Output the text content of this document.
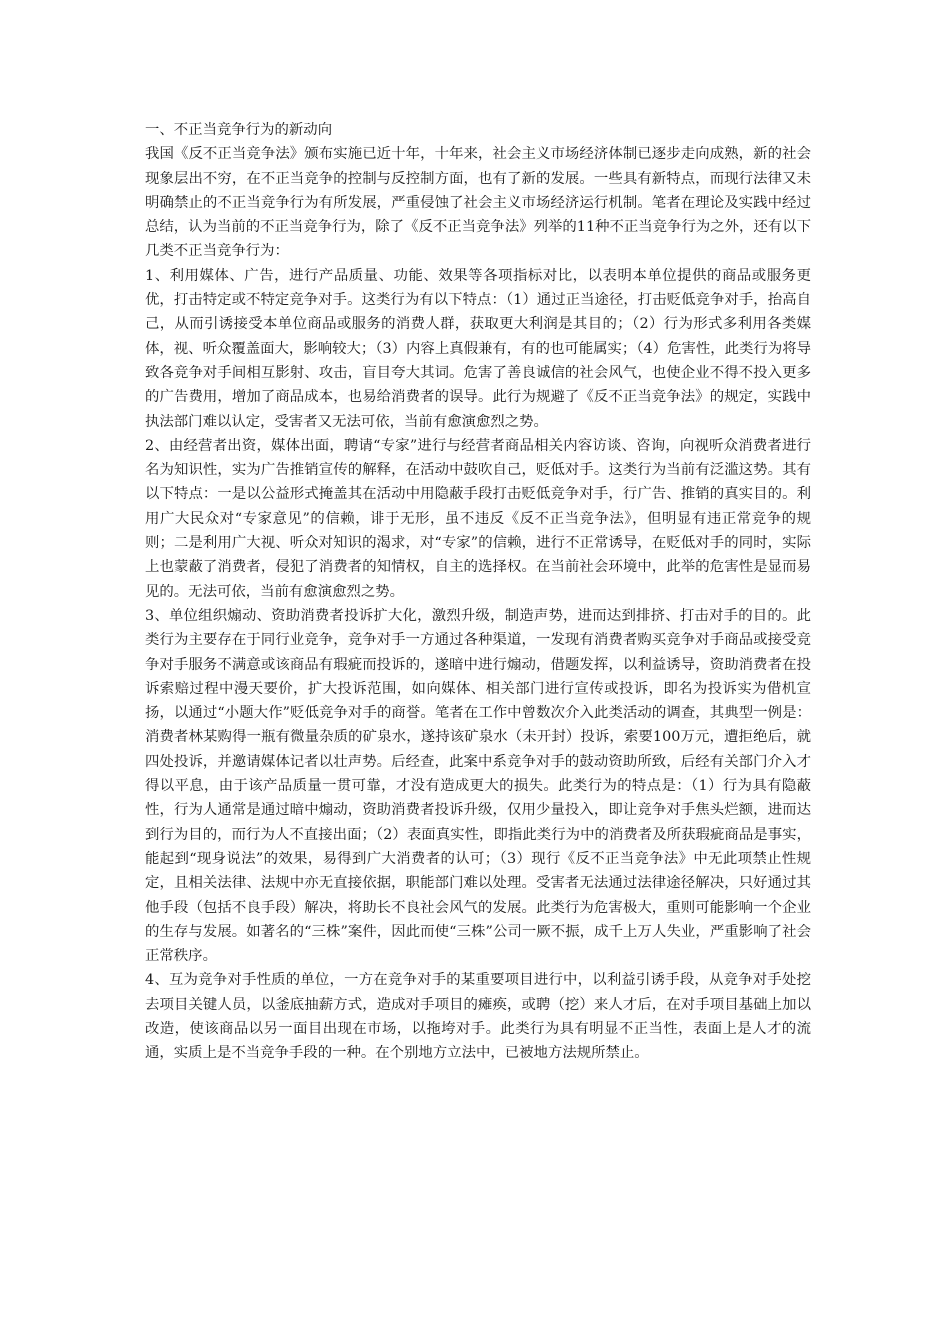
一、不正当竞争行为的新动向

我国《反不正当竞争法》颁布实施已近十年，十年来，社会主义市场经济体制已逐步走向成熟，新的社会现象层出不穷，在不正当竞争的控制与反控制方面，也有了新的发展。一些具有新特点，而现行法律又未明确禁止的不正当竞争行为有所发展，严重侵蚀了社会主义市场经济运行机制。笔者在理论及实践中经过总结，认为当前的不正当竞争行为，除了《反不正当竞争法》列举的11种不正当竞争行为之外，还有以下几类不正当竞争行为：

1、利用媒体、广告，进行产品质量、功能、效果等各项指标对比，以表明本单位提供的商品或服务更优，打击特定或不特定竞争对手。这类行为有以下特点：（1）通过正当途径，打击贬低竞争对手，抬高自己，从而引诱接受本单位商品或服务的消费人群，获取更大利润是其目的；（2）行为形式多利用各类媒体，视、听众覆盖面大，影响较大；（3）内容上真假兼有，有的也可能属实；（4）危害性，此类行为将导致各竞争对手间相互影射、攻击，盲目夸大其词。危害了善良诚信的社会风气，也使企业不得不投入更多的广告费用，增加了商品成本，也易给消费者的误导。此行为规避了《反不正当竞争法》的规定，实践中执法部门难以认定，受害者又无法可依，当前有愈演愈烈之势。

2、由经营者出资，媒体出面，聘请“专家”进行与经营者商品相关内容访谈、咨询，向视听众消费者进行名为知识性，实为广告推销宣传的解释，在活动中鼓吹自己，贬低对手。这类行为当前有泛滥这势。其有以下特点：一是以公益形式掩盖其在活动中用隐蔽手段打击贬低竞争对手，行广告、推销的真实目的。利用广大民众对“专家意见”的信赖，诽于无形，虽不违反《反不正当竞争法》，但明显有违正常竞争的规则；二是利用广大视、听众对知识的渴求，对“专家”的信赖，进行不正常诱导，在贬低对手的同时，实际上也蒙蔽了消费者，侵犯了消费者的知情权，自主的选择权。在当前社会环境中，此举的危害性是显而易见的。无法可依，当前有愈演愈烈之势。

3、单位组织煽动、资助消费者投诉扩大化，激烈升级，制造声势，进而达到排挤、打击对手的目的。此类行为主要存在于同行业竞争，竞争对手一方通过各种渠道，一发现有消费者购买竞争对手商品或接受竞争对手服务不满意或该商品有瑕疵而投诉的，遂暗中进行煽动，借题发挥，以利益诱导，资助消费者在投诉索赔过程中漫天要价，扩大投诉范围，如向媒体、相关部门进行宣传或投诉，即名为投诉实为借机宣扬，以通过“小题大作”贬低竞争对手的商誉。笔者在工作中曾数次介入此类活动的调查，其典型一例是：消费者林某购得一瓶有微量杂质的矿泉水，遂持该矿泉水（未开封）投诉，索要100万元，遭拒绝后，就四处投诉，并邀请媒体记者以壮声势。后经查，此案中系竞争对手的鼓动资助所致，后经有关部门介入才得以平息，由于该产品质量一贯可靠，才没有造成更大的损失。此类行为的特点是：（1）行为具有隐蔽性，行为人通常是通过暗中煽动，资助消费者投诉升级，仅用少量投入，即让竞争对手焦头烂额，进而达到行为目的，而行为人不直接出面；（2）表面真实性，即指此类行为中的消费者及所获瑕疵商品是事实，能起到“现身说法”的效果，易得到广大消费者的认可；（3）现行《反不正当竞争法》中无此项禁止性规定，且相关法律、法规中亦无直接依据，职能部门难以处理。受害者无法通过法律途径解决，只好通过其他手段（包括不良手段）解决，将助长不良社会风气的发展。此类行为危害极大，重则可能影响一个企业的生存与发展。如著名的“三株”案件，因此而使“三株”公司一厥不振，成千上万人失业，严重影响了社会正常秩序。

4、互为竞争对手性质的单位，一方在竞争对手的某重要项目进行中，以利益引诱手段，从竞争对手处挖去项目关键人员，以釜底抽薪方式，造成对手项目的瘫痪，或聘（挖）来人才后，在对手项目基础上加以改造，使该商品以另一面目出现在市场，以拖垮对手。此类行为具有明显不正当性，表面上是人才的流通，实质上是不当竞争手段的一种。在个别地方立法中，已被地方法规所禁止。
